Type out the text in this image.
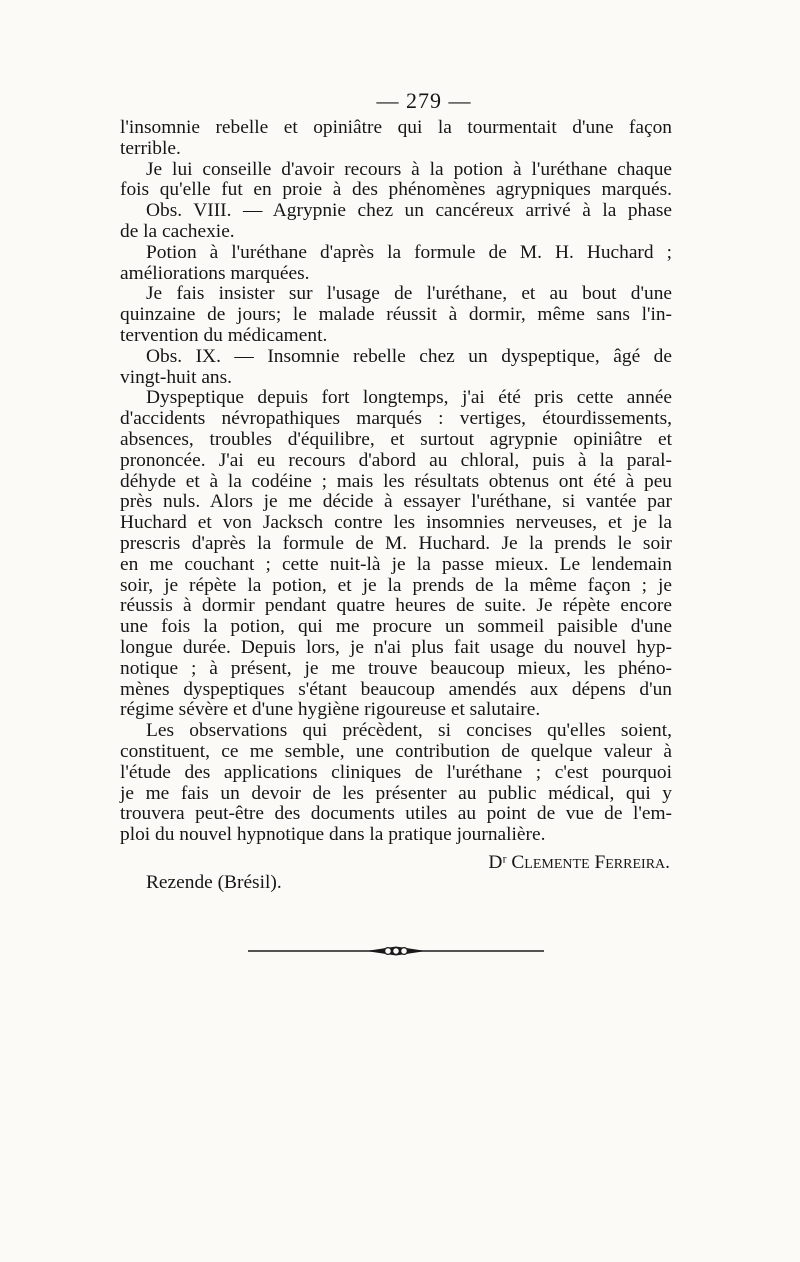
— 279 —
l'insomnie rebelle et opiniâtre qui la tourmentait d'une façon
terrible.
Je lui conseille d'avoir recours à la potion à l'uréthane chaque
fois qu'elle fut en proie à des phénomènes agrypniques marqués.
Obs. VIII. — Agrypnie chez un cancéreux arrivé à la phase
de la cachexie.
Potion à l'uréthane d'après la formule de M. H. Huchard ;
améliorations marquées.
Je fais insister sur l'usage de l'uréthane, et au bout d'une
quinzaine de jours; le malade réussit à dormir, même sans l'in-
tervention du médicament.
Obs. IX. — Insomnie rebelle chez un dyspeptique, âgé de
vingt-huit ans.
Dyspeptique depuis fort longtemps, j'ai été pris cette année
d'accidents névropathiques marqués : vertiges, étourdissements,
absences, troubles d'équilibre, et surtout agrypnie opiniâtre et
prononcée. J'ai eu recours d'abord au chloral, puis à la paral-
déhyde et à la codéine ; mais les résultats obtenus ont été à peu
près nuls. Alors je me décide à essayer l'uréthane, si vantée par
Huchard et von Jacksch contre les insomnies nerveuses, et je la
prescris d'après la formule de M. Huchard. Je la prends le soir
en me couchant ; cette nuit-là je la passe mieux. Le lendemain
soir, je répète la potion, et je la prends de la même façon ; je
réussis à dormir pendant quatre heures de suite. Je répète encore
une fois la potion, qui me procure un sommeil paisible d'une
longue durée. Depuis lors, je n'ai plus fait usage du nouvel hyp-
notique ; à présent, je me trouve beaucoup mieux, les phéno-
mènes dyspeptiques s'étant beaucoup amendés aux dépens d'un
régime sévère et d'une hygiène rigoureuse et salutaire.
Les observations qui précèdent, si concises qu'elles soient,
constituent, ce me semble, une contribution de quelque valeur à
l'étude des applications cliniques de l'uréthane ; c'est pourquoi
je me fais un devoir de les présenter au public médical, qui y
trouvera peut-être des documents utiles au point de vue de l'em-
ploi du nouvel hypnotique dans la pratique journalière.
Dʳ Clemente Ferreira.
Rezende (Brésil).
